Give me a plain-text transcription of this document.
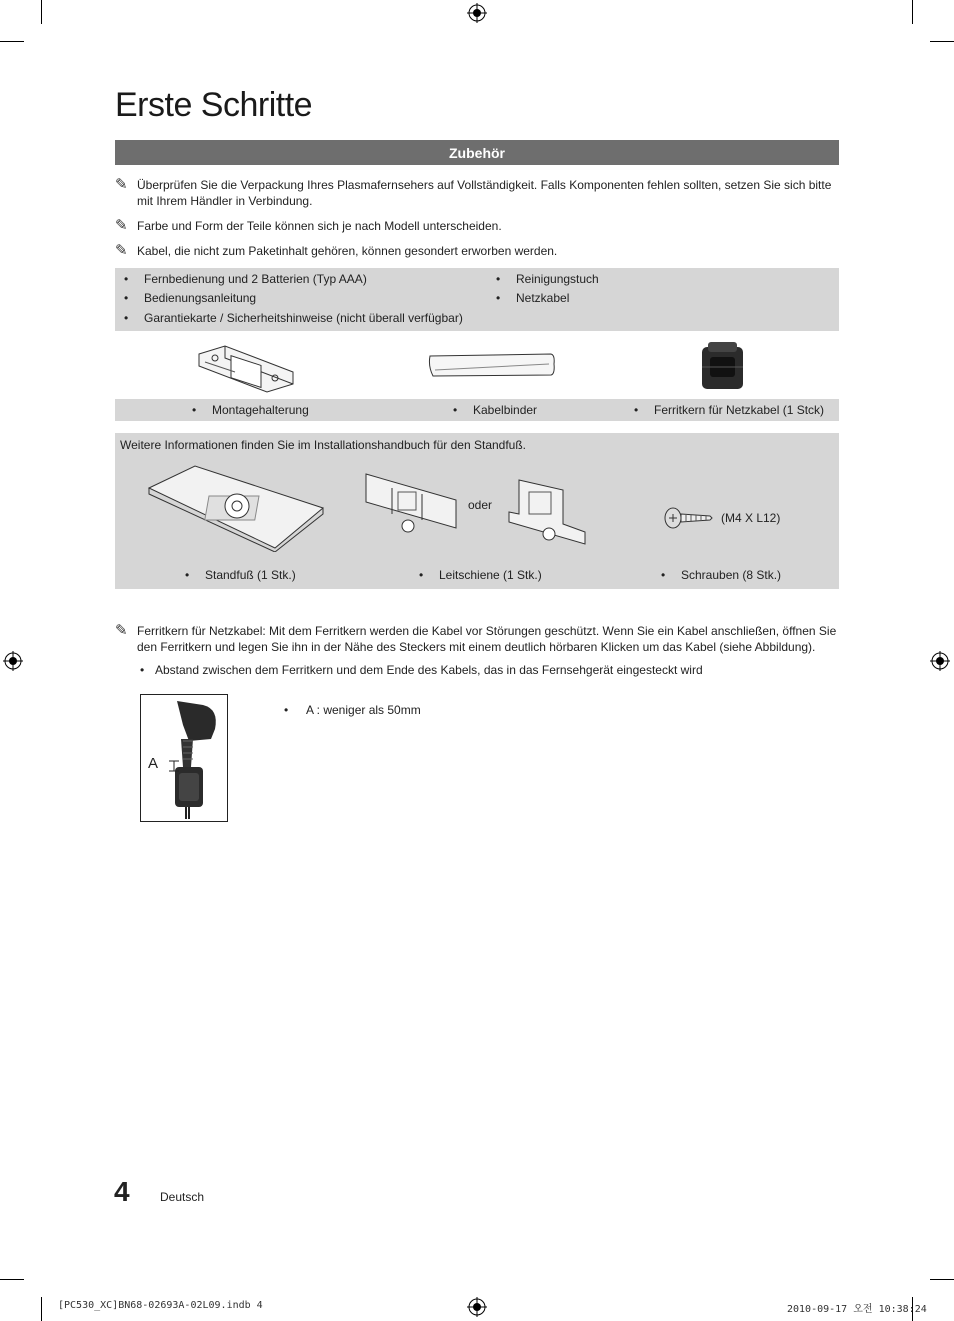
Erste Schritte
Zubehör
✎ Überprüfen Sie die Verpackung Ihres Plasmafernsehers auf Vollständigkeit. Falls Komponenten fehlen sollten, setzen Sie sich bitte mit Ihrem Händler in Verbindung.
✎ Farbe und Form der Teile können sich je nach Modell unterscheiden.
✎ Kabel, die nicht zum Paketinhalt gehören, können gesondert erworben werden.
• Fernbedienung und 2 Batterien (Typ AAA)
• Bedienungsanleitung
• Garantiekarte / Sicherheitshinweise (nicht überall verfügbar)
• Reinigungstuch
• Netzkabel
• Montagehalterung	• Kabelbinder	• Ferritkern für Netzkabel (1 Stck)
Weitere Informationen finden Sie im Installationshandbuch für den Standfuß.
oder
(M4 X L12)
• Standfuß (1 Stk.)	• Leitschiene (1 Stk.)	• Schrauben (8 Stk.)
✎ Ferritkern für Netzkabel: Mit dem Ferritkern werden die Kabel vor Störungen geschützt. Wenn Sie ein Kabel anschließen, öffnen Sie den Ferritkern und legen Sie ihn in der Nähe des Steckers mit einem deutlich hörbaren Klicken um das Kabel (siehe Abbildung).
• Abstand zwischen dem Ferritkern und dem Ende des Kabels, das in das Fernsehgerät eingesteckt wird
A
• A : weniger als 50mm
4	Deutsch
[PC530_XC]BN68-02693A-02L09.indb 4	2010-09-17 오전 10:38:24
